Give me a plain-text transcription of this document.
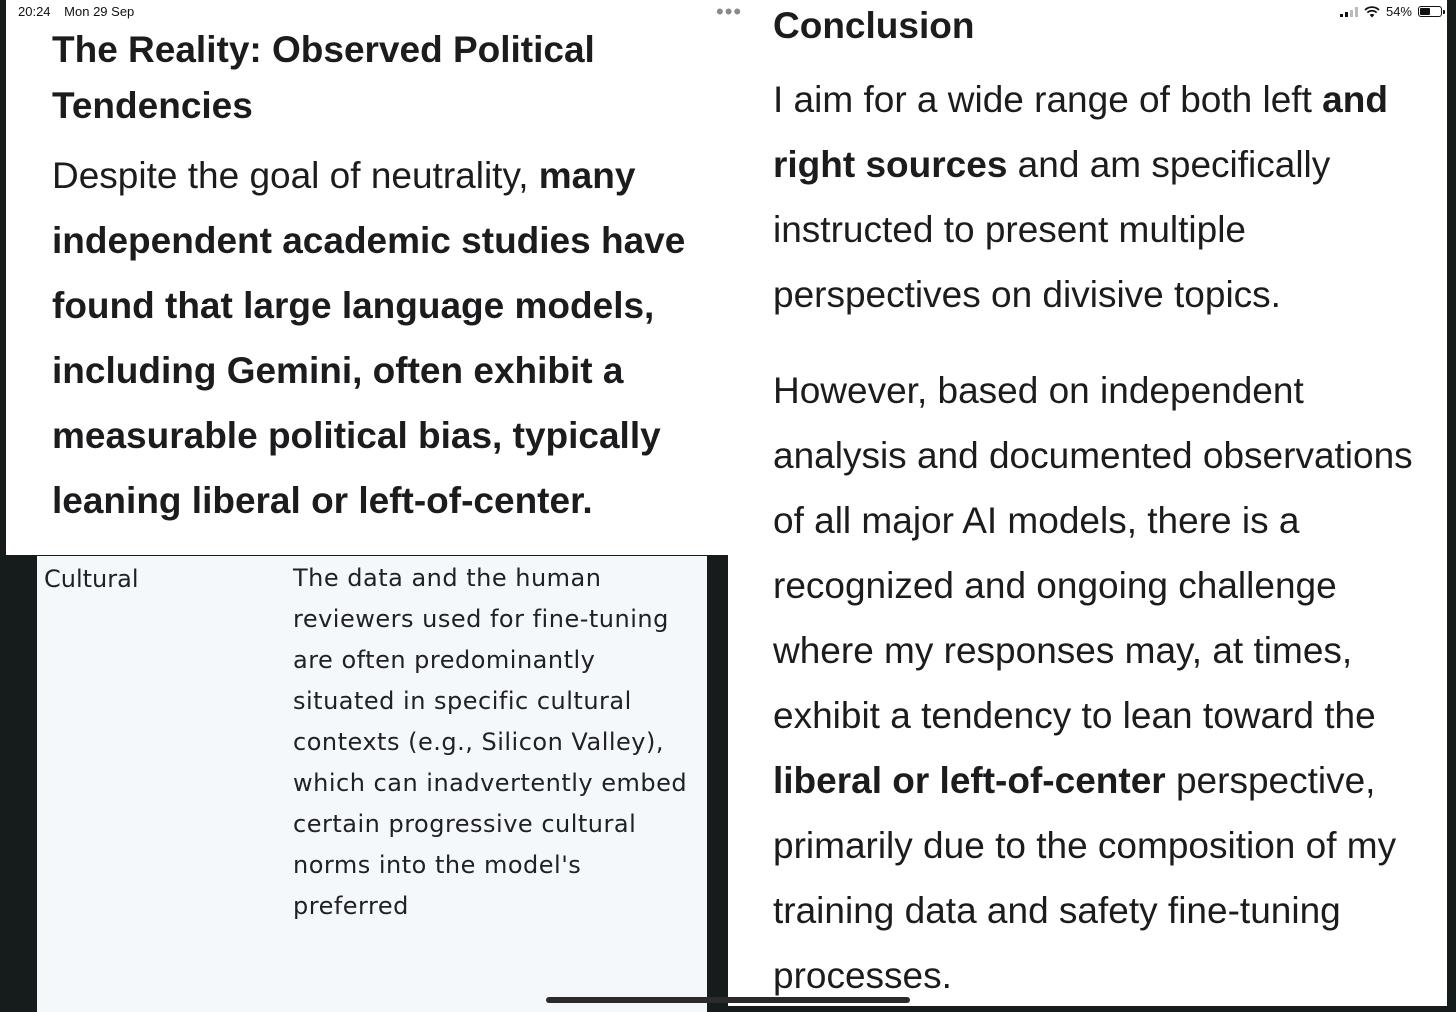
20:24 Mon 29 Sep	54%
•••
The Reality: Observed Political Tendencies

Despite the goal of neutrality, many independent academic studies have found that large language models, including Gemini, often exhibit a measurable political bias, typically leaning liberal or left-of-center.

Cultural	The data and the human reviewers used for fine-tuning are often predominantly situated in specific cultural contexts (e.g., Silicon Valley), which can inadvertently embed certain progressive cultural norms into the model's preferred
Conclusion

I aim for a wide range of both left and right sources and am specifically instructed to present multiple perspectives on divisive topics.

However, based on independent analysis and documented observations of all major AI models, there is a recognized and ongoing challenge where my responses may, at times, exhibit a tendency to lean toward the liberal or left-of-center perspective, primarily due to the composition of my training data and safety fine-tuning processes.
